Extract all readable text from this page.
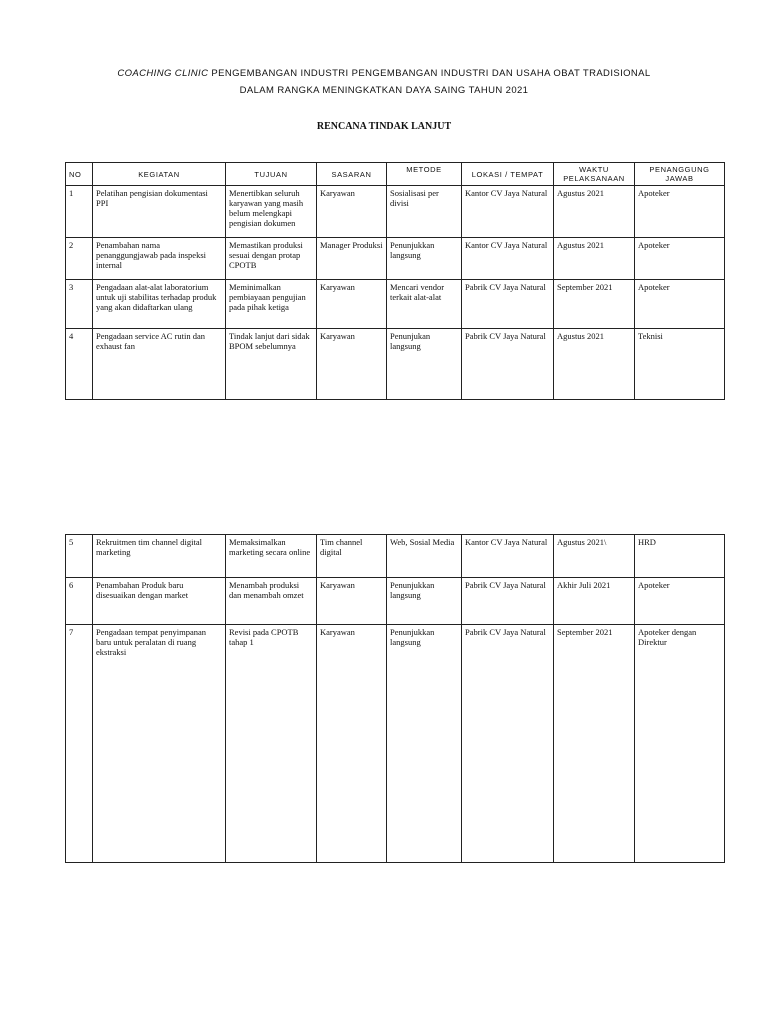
COACHING CLINIC PENGEMBANGAN INDUSTRI PENGEMBANGAN INDUSTRI DAN USAHA OBAT TRADISIONAL
DALAM RANGKA MENINGKATKAN DAYA SAING TAHUN 2021
RENCANA TINDAK LANJUT
NO	KEGIATAN	TUJUAN	SASARAN	METODE	LOKASI / TEMPAT	WAKTU PELAKSANAAN	PENANGGUNG JAWAB
1	Pelatihan pengisian dokumentasi PPI	Menertibkan seluruh karyawan yang masih belum melengkapi pengisian dokumen	Karyawan	Sosialisasi per divisi	Kantor CV Jaya Natural	Agustus 2021	Apoteker
2	Penambahan nama penanggungjawab pada inspeksi internal	Memastikan produksi sesuai dengan protap CPOTB	Manager Produksi	Penunjukkan langsung	Kantor CV Jaya Natural	Agustus 2021	Apoteker
3	Pengadaan alat-alat laboratorium untuk uji stabilitas terhadap produk yang akan didaftarkan ulang	Meminimalkan pembiayaan pengujian pada pihak ketiga	Karyawan	Mencari vendor terkait alat-alat	Pabrik CV Jaya Natural	September 2021	Apoteker
4	Pengadaan service AC rutin dan exhaust fan	Tindak lanjut dari sidak BPOM sebelumnya	Karyawan	Penunjukan langsung	Pabrik CV Jaya Natural	Agustus 2021	Teknisi
5	Rekruitmen tim channel digital marketing	Memaksimalkan marketing secara online	Tim channel digital	Web, Sosial Media	Kantor CV Jaya Natural	Agustus 2021\	HRD
6	Penambahan Produk baru disesuaikan dengan market	Menambah produksi dan menambah omzet	Karyawan	Penunjukkan langsung	Pabrik CV Jaya Natural	Akhir Juli 2021	Apoteker
7	Pengadaan tempat penyimpanan baru untuk peralatan di ruang ekstraksi	Revisi pada CPOTB tahap 1	Karyawan	Penunjukkan langsung	Pabrik CV Jaya Natural	September 2021	Apoteker dengan Direktur
